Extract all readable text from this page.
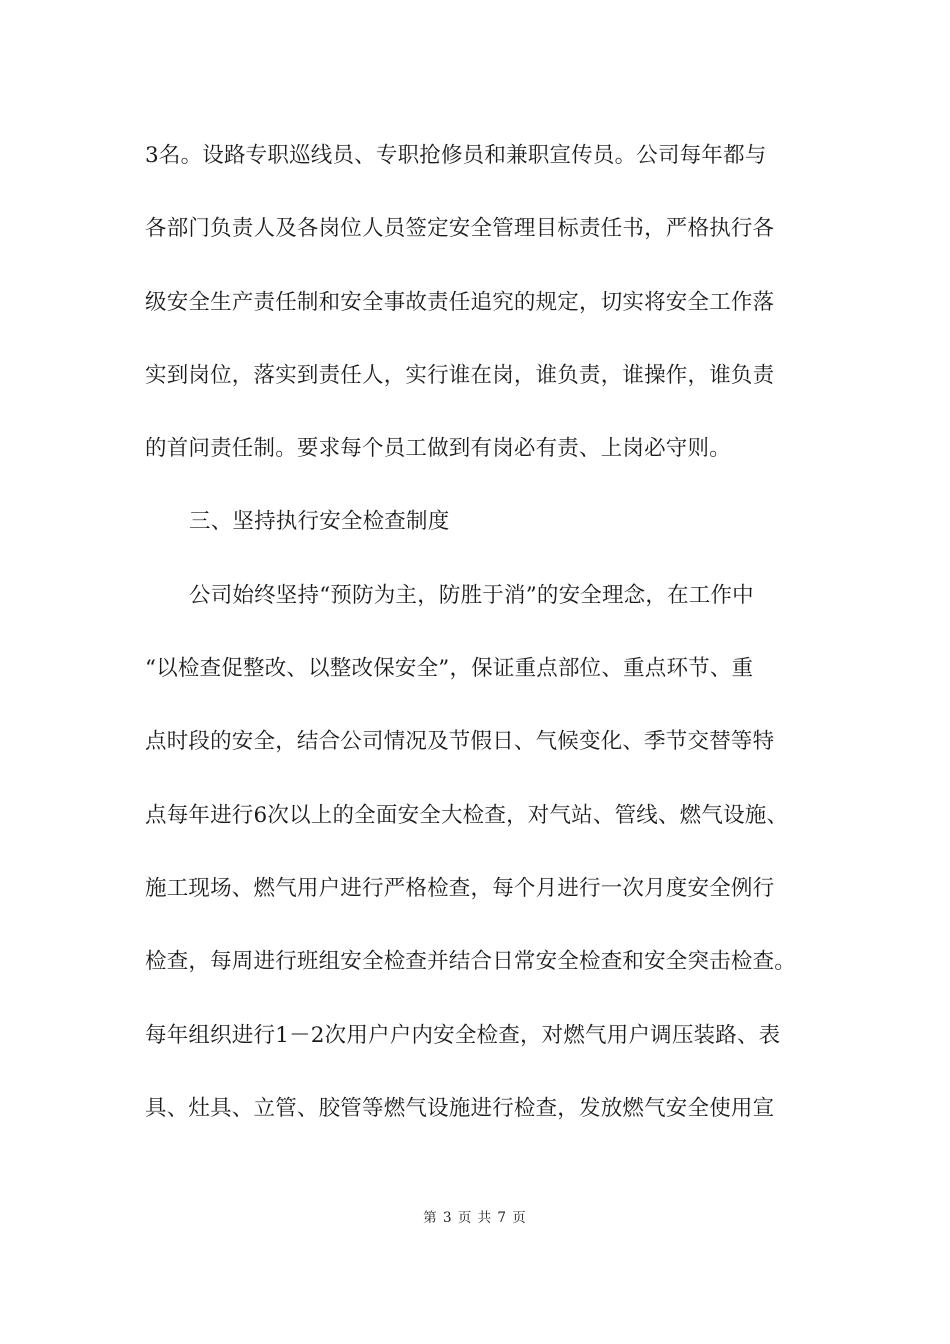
3名。设路专职巡线员、专职抢修员和兼职宣传员。公司每年都与
各部门负责人及各岗位人员签定安全管理目标责任书，严格执行各
级安全生产责任制和安全事故责任追究的规定，切实将安全工作落
实到岗位，落实到责任人，实行谁在岗，谁负责，谁操作，谁负责
的首问责任制。要求每个员工做到有岗必有责、上岗必守则。
三、坚持执行安全检查制度
公司始终坚持“预防为主，防胜于消”的安全理念，在工作中
“以检查促整改、以整改保安全”，保证重点部位、重点环节、重
点时段的安全，结合公司情况及节假日、气候变化、季节交替等特
点每年进行6次以上的全面安全大检查，对气站、管线、燃气设施、
施工现场、燃气用户进行严格检查，每个月进行一次月度安全例行
检查，每周进行班组安全检查并结合日常安全检查和安全突击检查。
每年组织进行1－2次用户户内安全检查，对燃气用户调压装路、表
具、灶具、立管、胶管等燃气设施进行检查，发放燃气安全使用宣
第 3 页 共 7 页
